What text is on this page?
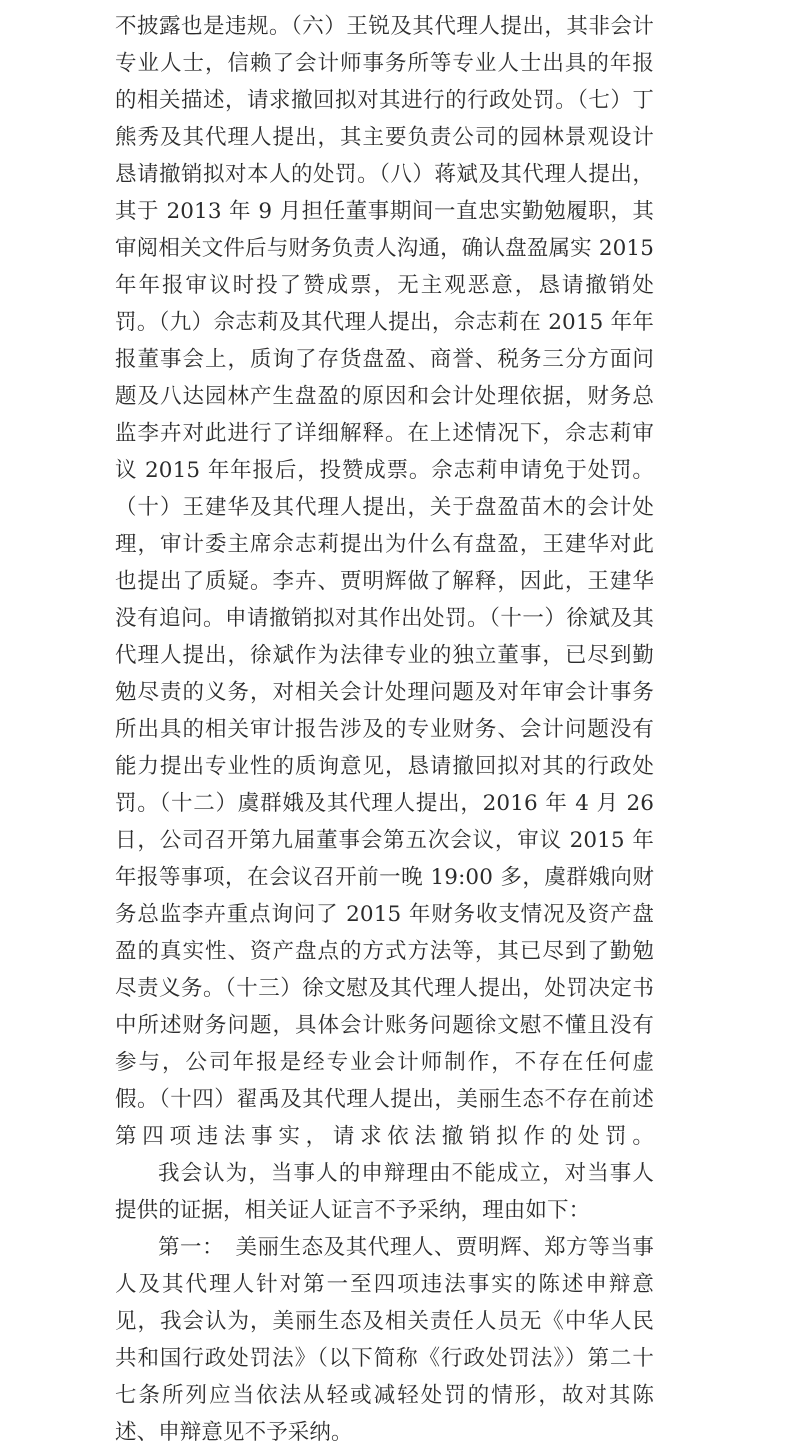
不披露也是违规。（六）王锐及其代理人提出，其非会计专业人士，信赖了会计师事务所等专业人士出具的年报的相关描述，请求撤回拟对其进行的行政处罚。（七）丁熊秀及其代理人提出，其主要负责公司的园林景观设计恳请撤销拟对本人的处罚。（八）蒋斌及其代理人提出，其于 2013 年 9 月担任董事期间一直忠实勤勉履职，其审阅相关文件后与财务负责人沟通，确认盘盈属实 2015 年年报审议时投了赞成票，无主观恶意，恳请撤销处罚。（九）佘志莉及其代理人提出，佘志莉在 2015 年年报董事会上，质询了存货盘盈、商誉、税务三分方面问题及八达园林产生盘盈的原因和会计处理依据，财务总监李卉对此进行了详细解释。在上述情况下，佘志莉审议 2015 年年报后，投赞成票。佘志莉申请免于处罚。（十）王建华及其代理人提出，关于盘盈苗木的会计处理，审计委主席佘志莉提出为什么有盘盈，王建华对此也提出了质疑。李卉、贾明辉做了解释，因此，王建华没有追问。申请撤销拟对其作出处罚。（十一）徐斌及其代理人提出，徐斌作为法律专业的独立董事，已尽到勤勉尽责的义务，对相关会计处理问题及对年审会计事务所出具的相关审计报告涉及的专业财务、会计问题没有能力提出专业性的质询意见，恳请撤回拟对其的行政处罚。（十二）虞群娥及其代理人提出，2016 年 4 月 26 日，公司召开第九届董事会第五次会议，审议 2015 年年报等事项，在会议召开前一晚 19:00 多，虞群娥向财务总监李卉重点询问了 2015 年财务收支情况及资产盘盈的真实性、资产盘点的方式方法等，其已尽到了勤勉尽责义务。（十三）徐文慰及其代理人提出，处罚决定书中所述财务问题，具体会计账务问题徐文慰不懂且没有参与，公司年报是经专业会计师制作，不存在任何虚假。（十四）翟禹及其代理人提出，美丽生态不存在前述第四项违法事实，请求依法撤销拟作的处罚。

我会认为，当事人的申辩理由不能成立，对当事人提供的证据，相关证人证言不予采纳，理由如下：

第一：　美丽生态及其代理人、贾明辉、郑方等当事人及其代理人针对第一至四项违法事实的陈述申辩意见，我会认为，美丽生态及相关责任人员无《中华人民共和国行政处罚法》（以下简称《行政处罚法》）第二十七条所列应当依法从轻或减轻处罚的情形，故对其陈述、申辩意见不予采纳。
